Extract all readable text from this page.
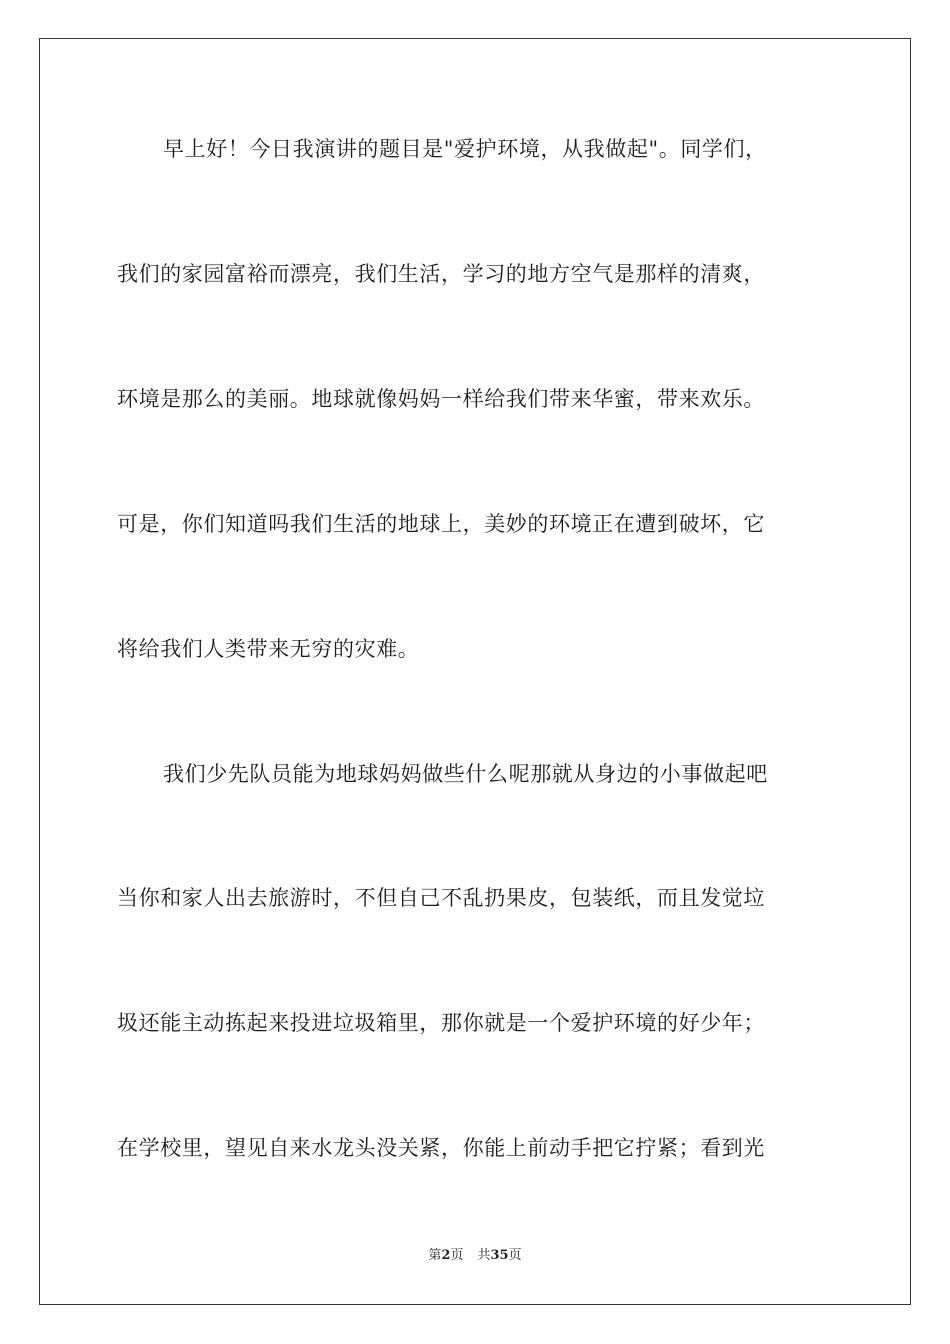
早上好！今日我演讲的题目是"爱护环境，从我做起"。同学们，
我们的家园富裕而漂亮，我们生活，学习的地方空气是那样的清爽，
环境是那么的美丽。地球就像妈妈一样给我们带来华蜜，带来欢乐。
可是，你们知道吗我们生活的地球上，美妙的环境正在遭到破坏，它
将给我们人类带来无穷的灾难。
我们少先队员能为地球妈妈做些什么呢那就从身边的小事做起吧
当你和家人出去旅游时，不但自己不乱扔果皮，包装纸，而且发觉垃
圾还能主动拣起来投进垃圾箱里，那你就是一个爱护环境的好少年；
在学校里，望见自来水龙头没关紧，你能上前动手把它拧紧；看到光
第2页 共35页
